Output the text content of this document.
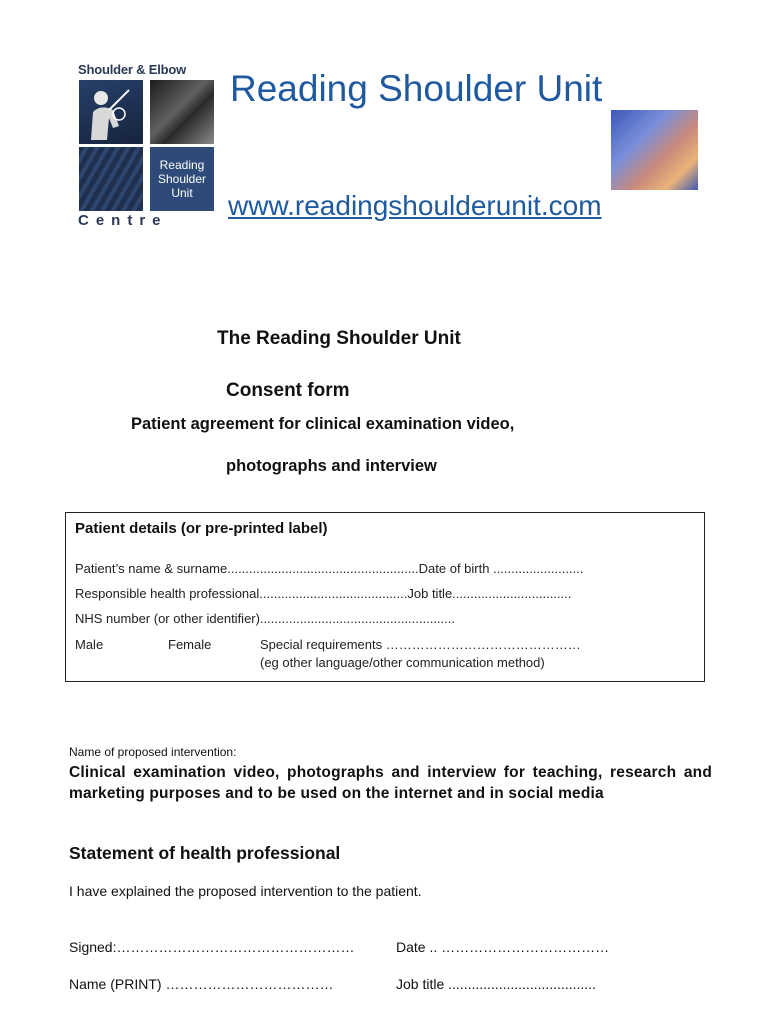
Shoulder & Elbow
Reading
Shoulder
Unit
Centre
Reading Shoulder Unit
www.readingshoulderunit.com
The Reading Shoulder Unit
Consent form
Patient agreement for clinical examination video,
photographs and interview
Patient details (or pre-printed label)
Patient’s name & surname.....................................................Date of birth .........................
Responsible health professional.........................................Job title.................................
NHS number (or other identifier)......................................................
Male	Female	Special requirements ………………………………………
(eg other language/other communication method)
Name of proposed intervention:
Clinical examination video, photographs and interview for teaching, research and marketing purposes and to be used on the internet and in social media
Statement of health professional
I have explained the proposed intervention to the patient.
Signed:……………………………………………	Date .. ………………………………
Name (PRINT) ………………………………	Job title ......................................
